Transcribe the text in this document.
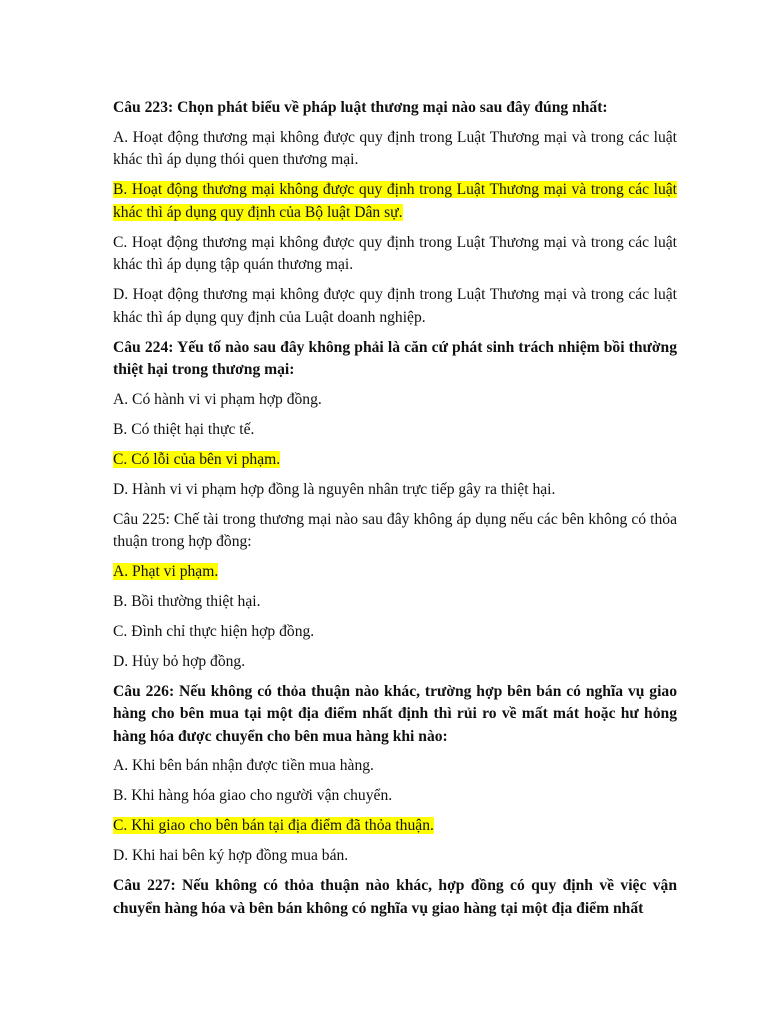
Câu 223: Chọn phát biểu về pháp luật thương mại nào sau đây đúng nhất:
A. Hoạt động thương mại không được quy định trong Luật Thương mại và trong các luật khác thì áp dụng thói quen thương mại.
B. Hoạt động thương mại không được quy định trong Luật Thương mại và trong các luật khác thì áp dụng quy định của Bộ luật Dân sự.
C. Hoạt động thương mại không được quy định trong Luật Thương mại và trong các luật khác thì áp dụng tập quán thương mại.
D. Hoạt động thương mại không được quy định trong Luật Thương mại và trong các luật khác thì áp dụng quy định của Luật doanh nghiệp.
Câu 224: Yếu tố nào sau đây không phải là căn cứ phát sinh trách nhiệm bồi thường thiệt hại trong thương mại:
A. Có hành vi vi phạm hợp đồng.
B. Có thiệt hại thực tế.
C. Có lỗi của bên vi phạm.
D. Hành vi vi phạm hợp đồng là nguyên nhân trực tiếp gây ra thiệt hại.
Câu 225: Chế tài trong thương mại nào sau đây không áp dụng nếu các bên không có thỏa thuận trong hợp đồng:
A. Phạt vi phạm.
B. Bồi thường thiệt hại.
C. Đình chỉ thực hiện hợp đồng.
D. Hủy bỏ hợp đồng.
Câu 226: Nếu không có thỏa thuận nào khác, trường hợp bên bán có nghĩa vụ giao hàng cho bên mua tại một địa điểm nhất định thì rủi ro về mất mát hoặc hư hỏng hàng hóa được chuyển cho bên mua hàng khi nào:
A. Khi bên bán nhận được tiền mua hàng.
B. Khi hàng hóa giao cho người vận chuyển.
C. Khi giao cho bên bán tại địa điểm đã thỏa thuận.
D. Khi hai bên ký hợp đồng mua bán.
Câu 227: Nếu không có thỏa thuận nào khác, hợp đồng có quy định về việc vận chuyển hàng hóa và bên bán không có nghĩa vụ giao hàng tại một địa điểm nhất
